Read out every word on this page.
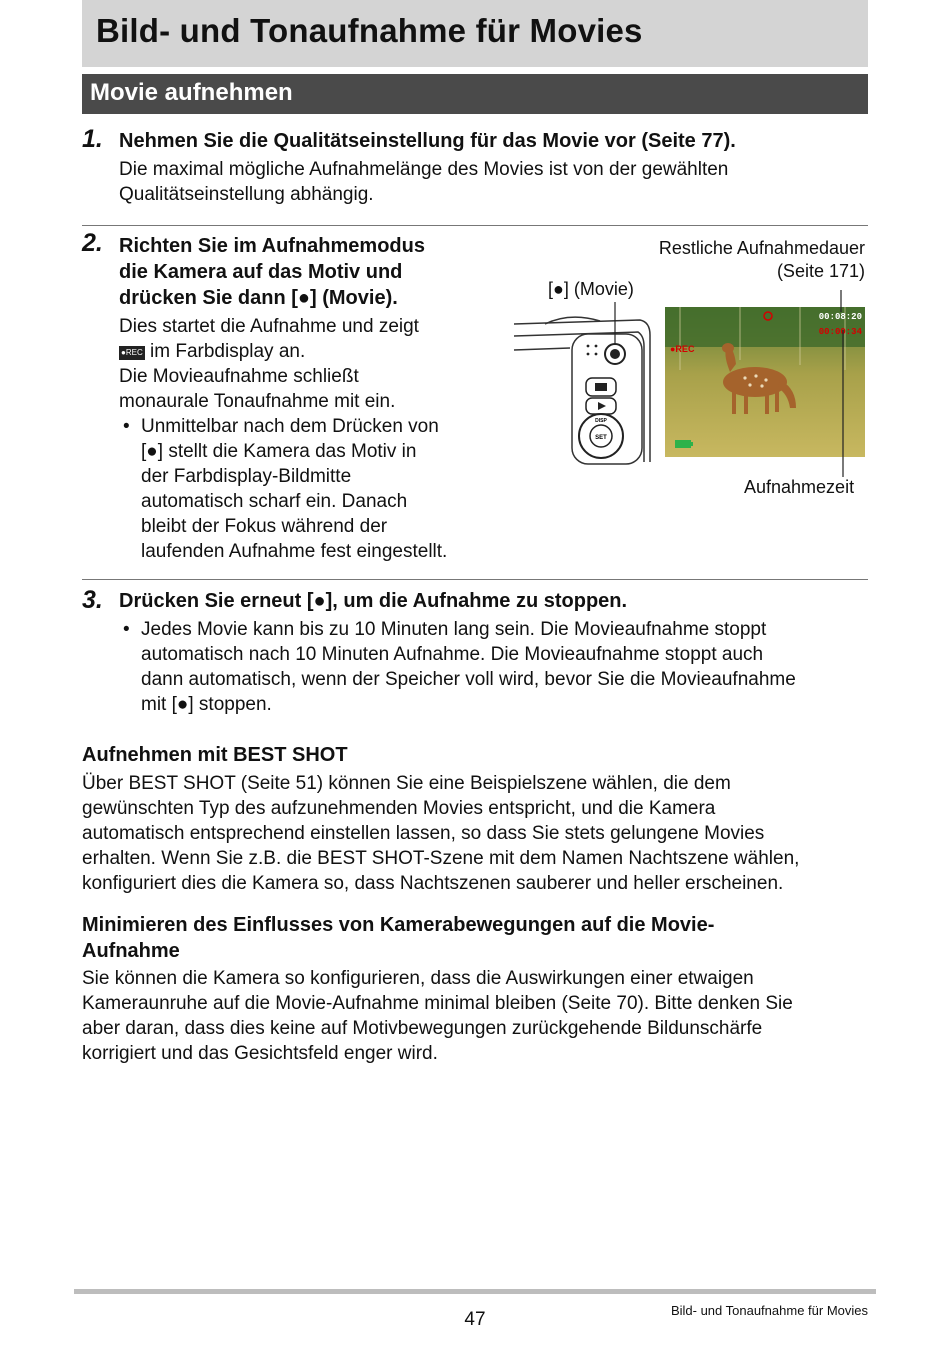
Bild- und Tonaufnahme für Movies
Movie aufnehmen
1. Nehmen Sie die Qualitätseinstellung für das Movie vor (Seite 77).
Die maximal mögliche Aufnahmelänge des Movies ist von der gewählten
Qualitätseinstellung abhängig.
2. Richten Sie im Aufnahmemodus
die Kamera auf das Motiv und
drücken Sie dann [●] (Movie).
Dies startet die Aufnahme und zeigt
●REC im Farbdisplay an.
Die Movieaufnahme schließt
monaurale Tonaufnahme mit ein.
• Unmittelbar nach dem Drücken von
[●] stellt die Kamera das Motiv in
der Farbdisplay-Bildmitte
automatisch scharf ein. Danach
bleibt der Fokus während der
laufenden Aufnahme fest eingestellt.
Restliche Aufnahmedauer
(Seite 171)
[●] (Movie)
Aufnahmezeit
SET
DISP
00:08:20
00:00:34
●REC
3. Drücken Sie erneut [●], um die Aufnahme zu stoppen.
• Jedes Movie kann bis zu 10 Minuten lang sein. Die Movieaufnahme stoppt
automatisch nach 10 Minuten Aufnahme. Die Movieaufnahme stoppt auch
dann automatisch, wenn der Speicher voll wird, bevor Sie die Movieaufnahme
mit [●] stoppen.
Aufnehmen mit BEST SHOT
Über BEST SHOT (Seite 51) können Sie eine Beispielszene wählen, die dem
gewünschten Typ des aufzunehmenden Movies entspricht, und die Kamera
automatisch entsprechend einstellen lassen, so dass Sie stets gelungene Movies
erhalten. Wenn Sie z.B. die BEST SHOT-Szene mit dem Namen Nachtszene wählen,
konfiguriert dies die Kamera so, dass Nachtszenen sauberer und heller erscheinen.
Minimieren des Einflusses von Kamerabewegungen auf die Movie-
Aufnahme
Sie können die Kamera so konfigurieren, dass die Auswirkungen einer etwaigen
Kameraunruhe auf die Movie-Aufnahme minimal bleiben (Seite 70). Bitte denken Sie
aber daran, dass dies keine auf Motivbewegungen zurückgehende Bildunschärfe
korrigiert und das Gesichtsfeld enger wird.
47	Bild- und Tonaufnahme für Movies
